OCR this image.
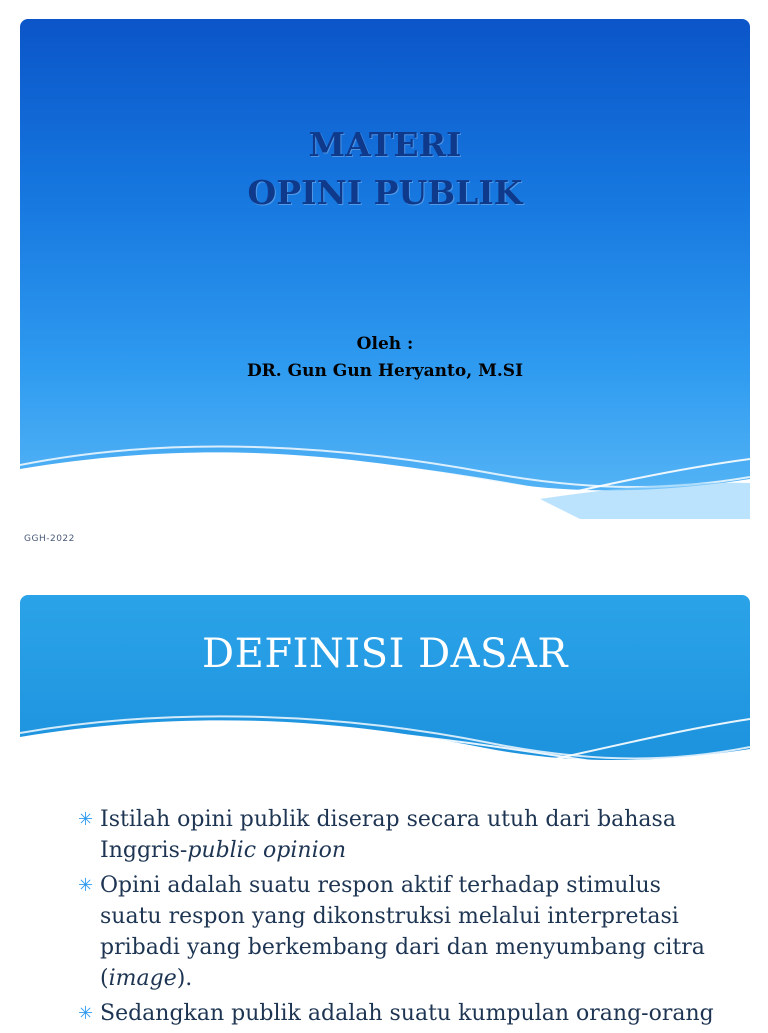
MATERI
OPINI PUBLIK
Oleh :
DR. Gun Gun Heryanto, M.SI
GGH-2022
DEFINISI DASAR
✳ Istilah opini publik diserap secara utuh dari bahasa Inggris-public opinion
✳ Opini adalah suatu respon aktif terhadap stimulus suatu respon yang dikonstruksi melalui interpretasi pribadi yang berkembang dari dan menyumbang citra (image).
✳ Sedangkan publik adalah suatu kumpulan orang-orang
